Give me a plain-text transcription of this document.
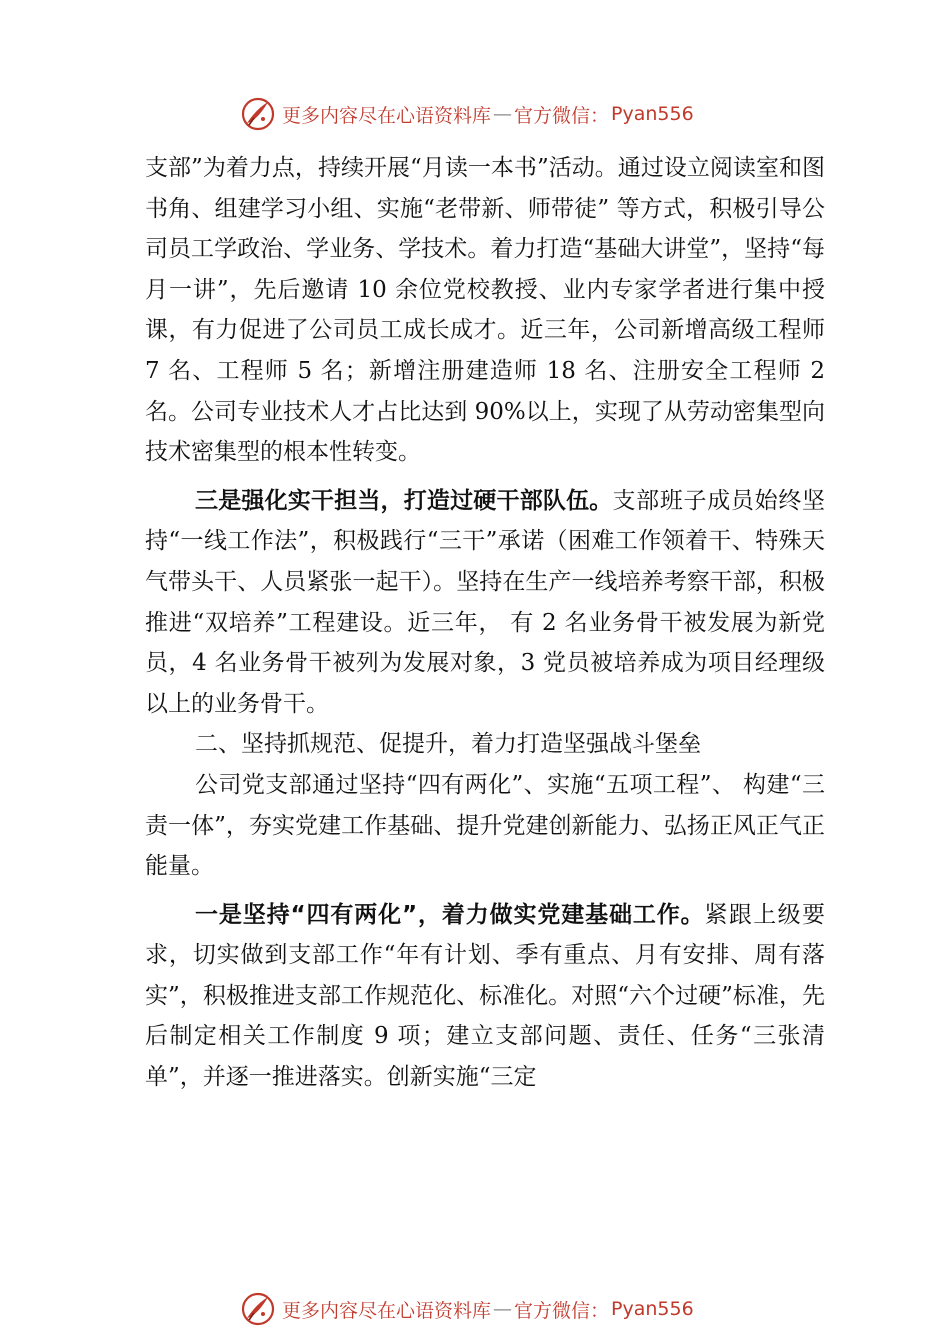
更多内容尽在心语资料库 — 官方微信： Pyan556

支部”为着力点，持续开展“月读一本书”活动。通过设立阅读室和图书角、组建学习小组、实施“老带新、师带徒” 等方式，积极引导公司员工学政治、学业务、学技术。着力打造“基础大讲堂”，坚持“每月一讲”，先后邀请 10 余位党校教授、业内专家学者进行集中授课，有力促进了公司员工成长成才。近三年，公司新增高级工程师 7 名、工程师 5 名；新增注册建造师 18 名、注册安全工程师 2 名。公司专业技术人才占比达到 90%以上，实现了从劳动密集型向技术密集型的根本性转变。

三是强化实干担当，打造过硬干部队伍。支部班子成员始终坚持“一线工作法”，积极践行“三干”承诺（困难工作领着干、特殊天气带头干、人员紧张一起干）。坚持在生产一线培养考察干部，积极推进“双培养”工程建设。近三年， 有 2 名业务骨干被发展为新党员，4 名业务骨干被列为发展对象，3 党员被培养成为项目经理级以上的业务骨干。

二、坚持抓规范、促提升，着力打造坚强战斗堡垒

公司党支部通过坚持“四有两化”、实施“五项工程”、 构建“三责一体”，夯实党建工作基础、提升党建创新能力、弘扬正风正气正能量。

一是坚持“四有两化”，着力做实党建基础工作。紧跟上级要求，切实做到支部工作“年有计划、季有重点、月有安排、周有落实”，积极推进支部工作规范化、标准化。对照“六个过硬”标准，先后制定相关工作制度 9 项；建立支部问题、责任、任务“三张清单”，并逐一推进落实。创新实施“三定

更多内容尽在心语资料库 — 官方微信： Pyan556
